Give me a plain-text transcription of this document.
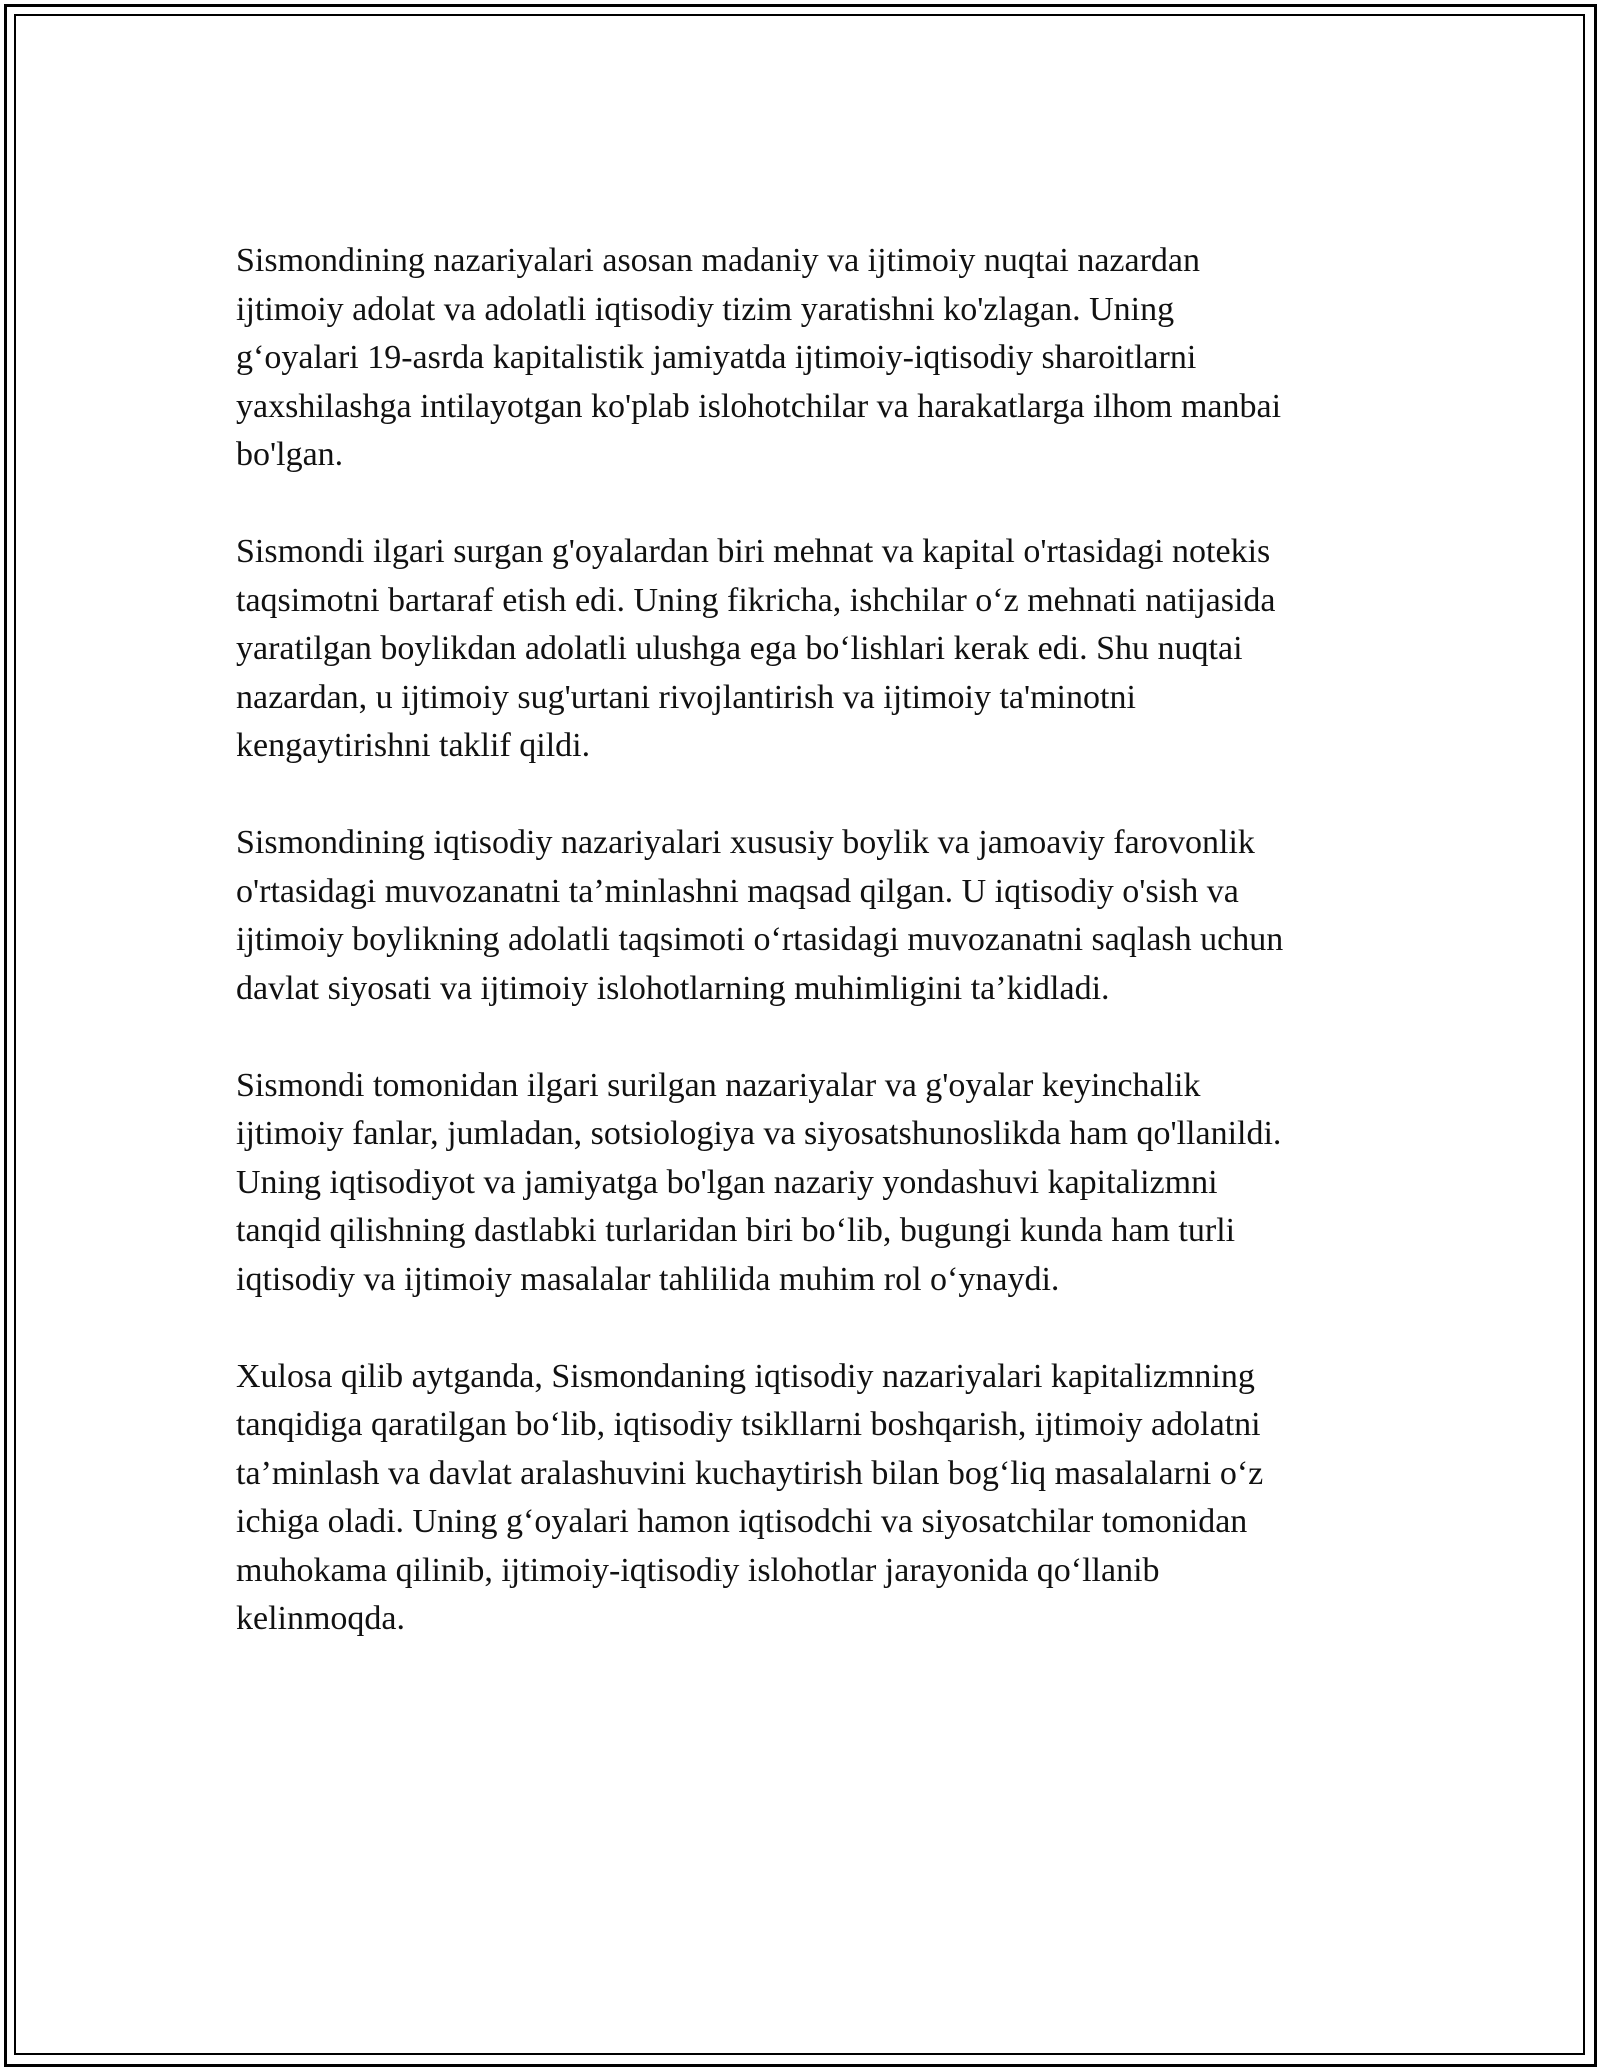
Sismondining nazariyalari asosan madaniy va ijtimoiy nuqtai nazardan
ijtimoiy adolat va adolatli iqtisodiy tizim yaratishni ko'zlagan. Uning
g‘oyalari 19-asrda kapitalistik jamiyatda ijtimoiy-iqtisodiy sharoitlarni
yaxshilashga intilayotgan ko'plab islohotchilar va harakatlarga ilhom manbai
bo'lgan.

Sismondi ilgari surgan g'oyalardan biri mehnat va kapital o'rtasidagi notekis
taqsimotni bartaraf etish edi. Uning fikricha, ishchilar o‘z mehnati natijasida
yaratilgan boylikdan adolatli ulushga ega bo‘lishlari kerak edi. Shu nuqtai
nazardan, u ijtimoiy sug'urtani rivojlantirish va ijtimoiy ta'minotni
kengaytirishni taklif qildi.

Sismondining iqtisodiy nazariyalari xususiy boylik va jamoaviy farovonlik
o'rtasidagi muvozanatni ta’minlashni maqsad qilgan. U iqtisodiy o'sish va
ijtimoiy boylikning adolatli taqsimoti o‘rtasidagi muvozanatni saqlash uchun
davlat siyosati va ijtimoiy islohotlarning muhimligini ta’kidladi.

Sismondi tomonidan ilgari surilgan nazariyalar va g'oyalar keyinchalik
ijtimoiy fanlar, jumladan, sotsiologiya va siyosatshunoslikda ham qo'llanildi.
Uning iqtisodiyot va jamiyatga bo'lgan nazariy yondashuvi kapitalizmni
tanqid qilishning dastlabki turlaridan biri bo‘lib, bugungi kunda ham turli
iqtisodiy va ijtimoiy masalalar tahlilida muhim rol o‘ynaydi.

Xulosa qilib aytganda, Sismondaning iqtisodiy nazariyalari kapitalizmning
tanqidiga qaratilgan bo‘lib, iqtisodiy tsikllarni boshqarish, ijtimoiy adolatni
ta’minlash va davlat aralashuvini kuchaytirish bilan bog‘liq masalalarni o‘z
ichiga oladi. Uning g‘oyalari hamon iqtisodchi va siyosatchilar tomonidan
muhokama qilinib, ijtimoiy-iqtisodiy islohotlar jarayonida qo‘llanib
kelinmoqda.
